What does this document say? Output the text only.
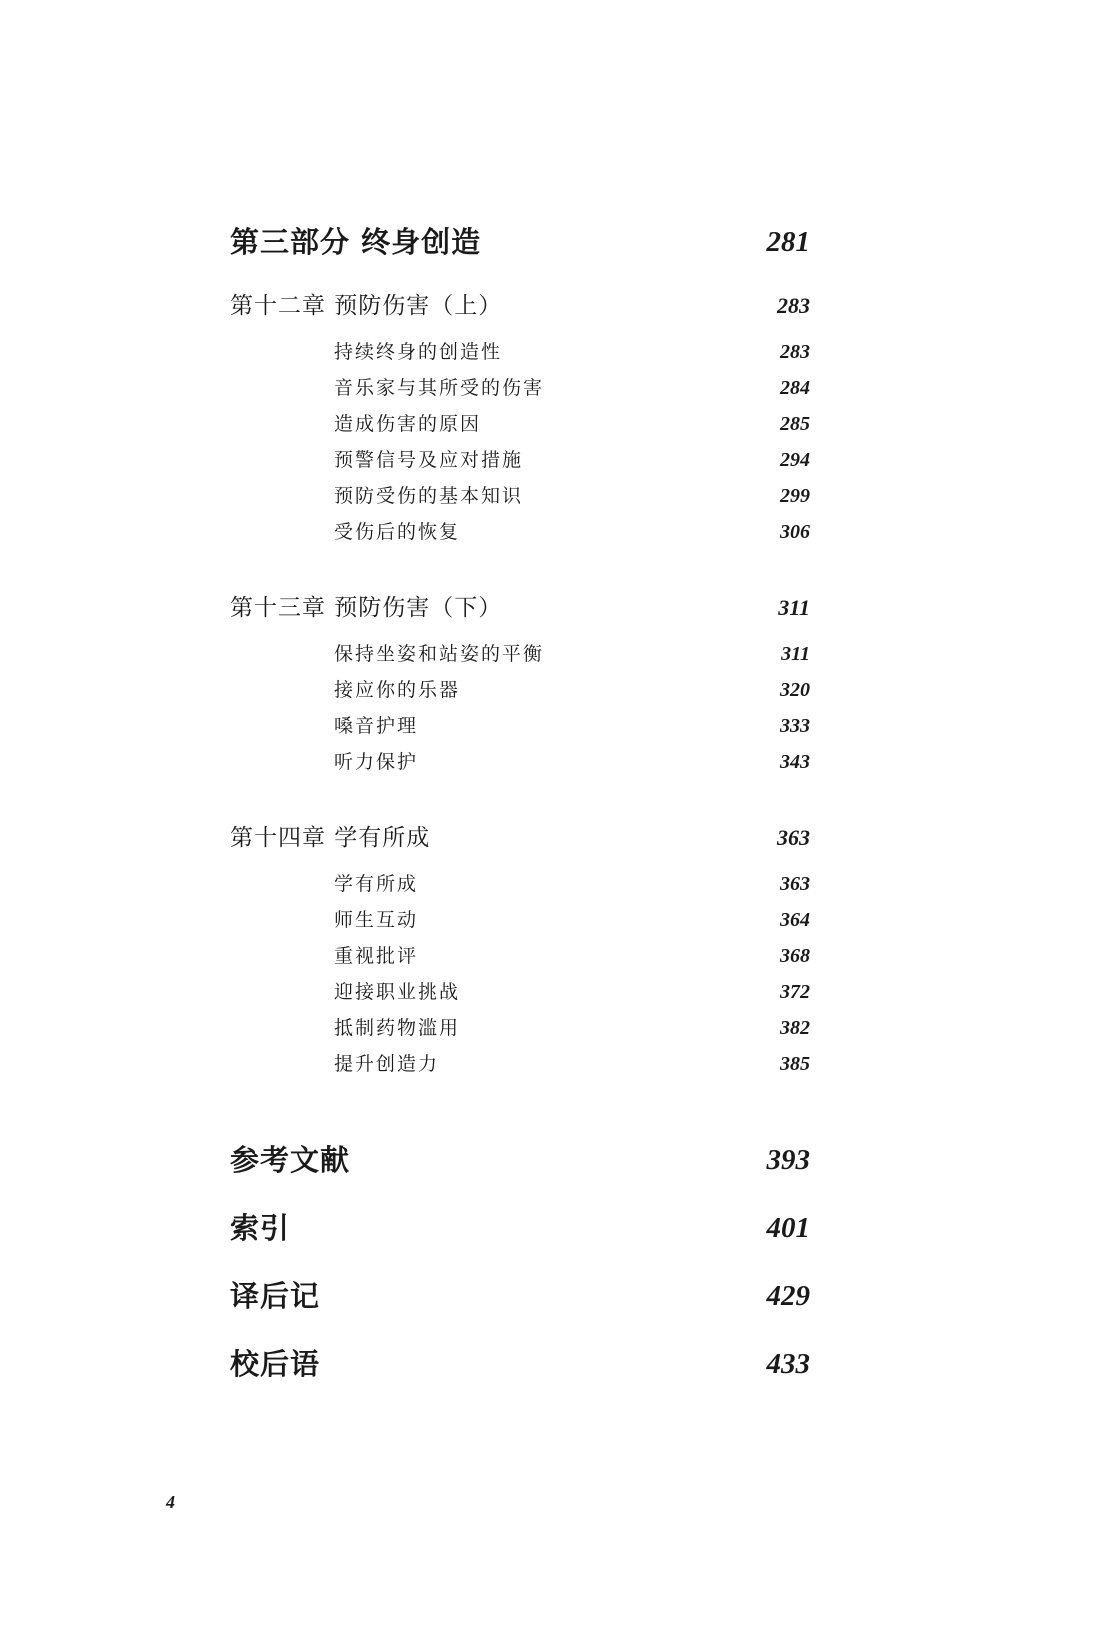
第三部分 终身创造	281
第十二章 预防伤害（上）	283
持续终身的创造性	283
音乐家与其所受的伤害	284
造成伤害的原因	285
预警信号及应对措施	294
预防受伤的基本知识	299
受伤后的恢复	306
第十三章 预防伤害（下）	311
保持坐姿和站姿的平衡	311
接应你的乐器	320
嗓音护理	333
听力保护	343
第十四章 学有所成	363
学有所成	363
师生互动	364
重视批评	368
迎接职业挑战	372
抵制药物滥用	382
提升创造力	385
参考文献	393
索引	401
译后记	429
校后语	433
4
